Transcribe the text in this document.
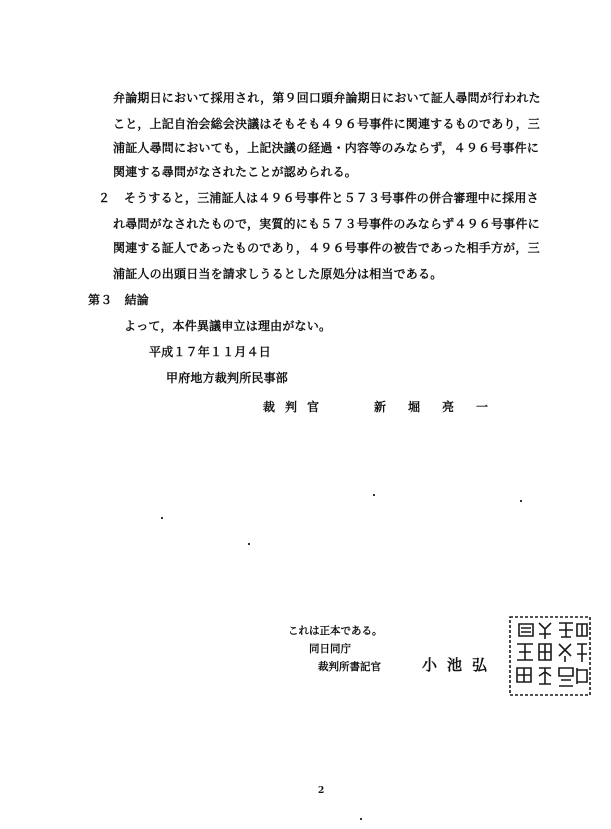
弁論期日において採用され，第９回口頭弁論期日において証人尋問が行われた
こと，上記自治会総会決議はそもそも４９６号事件に関連するものであり，三
浦証人尋問においても，上記決議の経過・内容等のみならず，４９６号事件に
関連する尋問がなされたことが認められる。
２ そうすると，三浦証人は４９６号事件と５７３号事件の併合審理中に採用さ
れ尋問がなされたもので，実質的にも５７３号事件のみならず４９６号事件に
関連する証人であったものであり，４９６号事件の被告であった相手方が，三
浦証人の出頭日当を請求しうるとした原処分は相当である。
第３　結論
よって，本件異議申立は理由がない。
平成１７年１１月４日
甲府地方裁判所民事部
裁判官	新堀亮一
これは正本である。
同日同庁
裁判所書記官	小池弘
2
